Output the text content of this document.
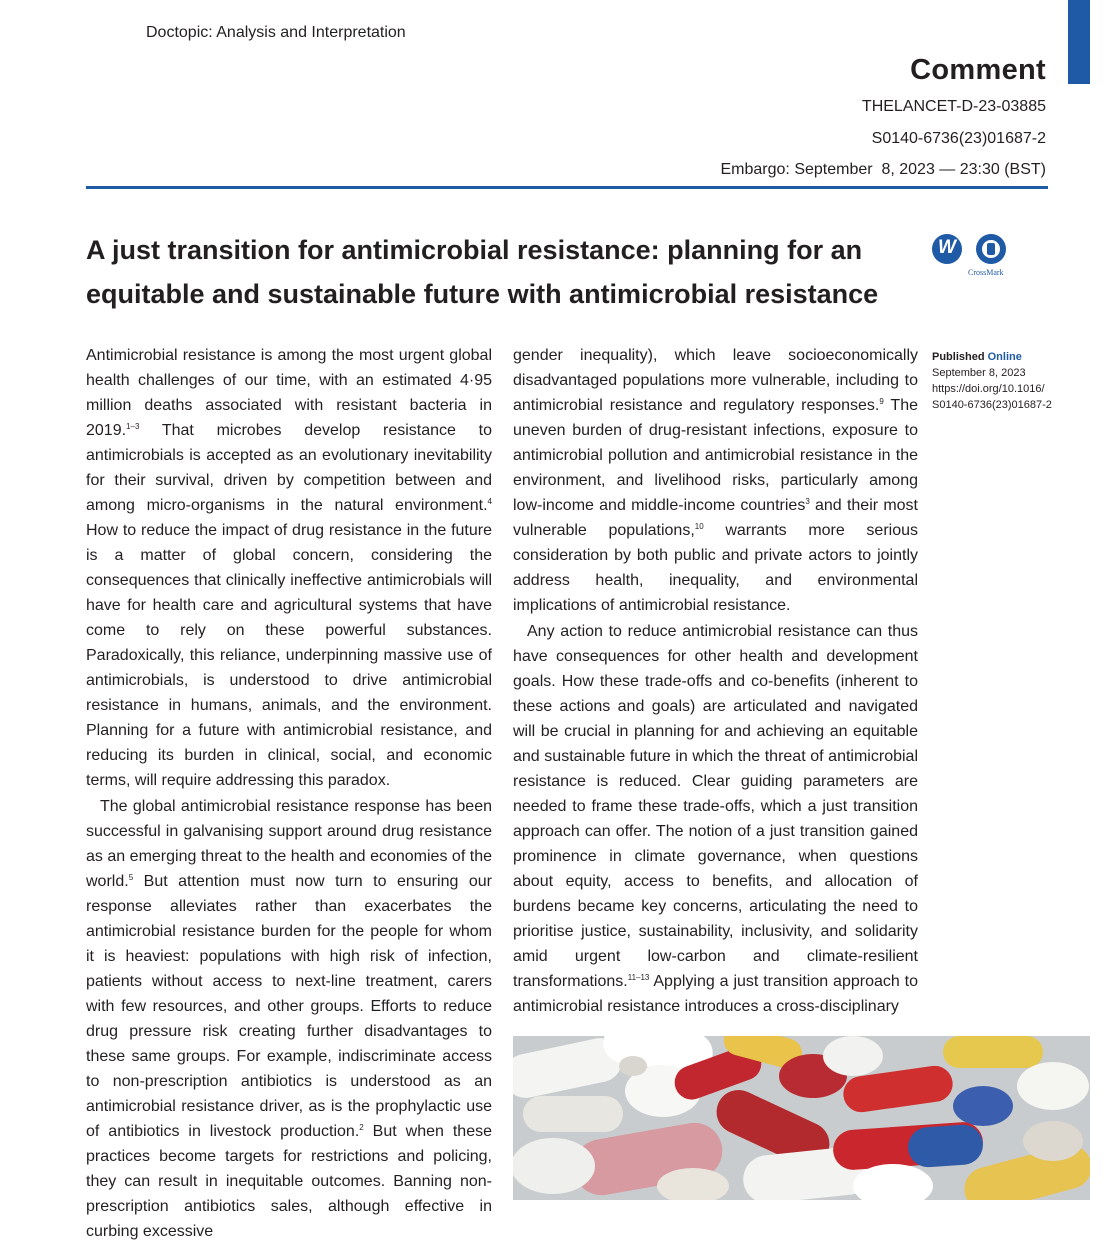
Doctopic: Analysis and Interpretation
Comment
THELANCET-D-23-03885
S0140-6736(23)01687-2
Embargo: September  8, 2023 — 23:30 (BST)
A just transition for antimicrobial resistance: planning for an equitable and sustainable future with antimicrobial resistance
W
CrossMark

Antimicrobial resistance is among the most urgent global health challenges of our time, with an estimated 4·95 million deaths associated with resistant bacteria in 2019.$^{1-3}$ That microbes develop resistance to antimicrobials is accepted as an evolutionary inevitability for their survival, driven by competition between and among micro-organisms in the natural environment.$^4$ How to reduce the impact of drug resistance in the future is a matter of global concern, considering the consequences that clinically ineffective antimicrobials will have for health care and agricultural systems that have come to rely on these powerful substances. Paradoxically, this reliance, underpinning massive use of antimicrobials, is understood to drive antimicrobial resistance in humans, animals, and the environment. Planning for a future with antimicrobial resistance, and reducing its burden in clinical, social, and economic terms, will require addressing this paradox.

The global antimicrobial resistance response has been successful in galvanising support around drug resistance as an emerging threat to the health and economies of the world.$^5$ But attention must now turn to ensuring our response alleviates rather than exacerbates the antimicrobial resistance burden for the people for whom it is heaviest: populations with high risk of infection, patients without access to next-line treatment, carers with few resources, and other groups. Efforts to reduce drug pressure risk creating further disadvantages to these same groups. For example, indiscriminate access to non-prescription antibiotics is understood as an antimicrobial resistance driver, as is the prophylactic use of antibiotics in livestock production.$^2$ But when these practices become targets for restrictions and policing, they can result in inequitable outcomes. Banning non-prescription antibiotics sales, although effective in curbing excessive

gender inequality), which leave socioeconomically disadvantaged populations more vulnerable, including to antimicrobial resistance and regulatory responses.$^9$ The uneven burden of drug-resistant infections, exposure to antimicrobial pollution and antimicrobial resistance in the environment, and livelihood risks, particularly among low-income and middle-income countries$^3$ and their most vulnerable populations,$^{10}$ warrants more serious consideration by both public and private actors to jointly address health, inequality, and environmental implications of antimicrobial resistance.

Any action to reduce antimicrobial resistance can thus have consequences for other health and development goals. How these trade-offs and co-benefits (inherent to these actions and goals) are articulated and navigated will be crucial in planning for and achieving an equitable and sustainable future in which the threat of antimicrobial resistance is reduced. Clear guiding parameters are needed to frame these trade-offs, which a just transition approach can offer. The notion of a just transition gained prominence in climate governance, when questions about equity, access to benefits, and allocation of burdens became key concerns, articulating the need to prioritise justice, sustainability, inclusivity, and solidarity amid urgent low-carbon and climate-resilient transformations.$^{11-13}$ Applying a just transition approach to antimicrobial resistance introduces a cross-disciplinary

Published Online
September 8, 2023
https://doi.org/10.1016/
S0140-6736(23)01687-2
